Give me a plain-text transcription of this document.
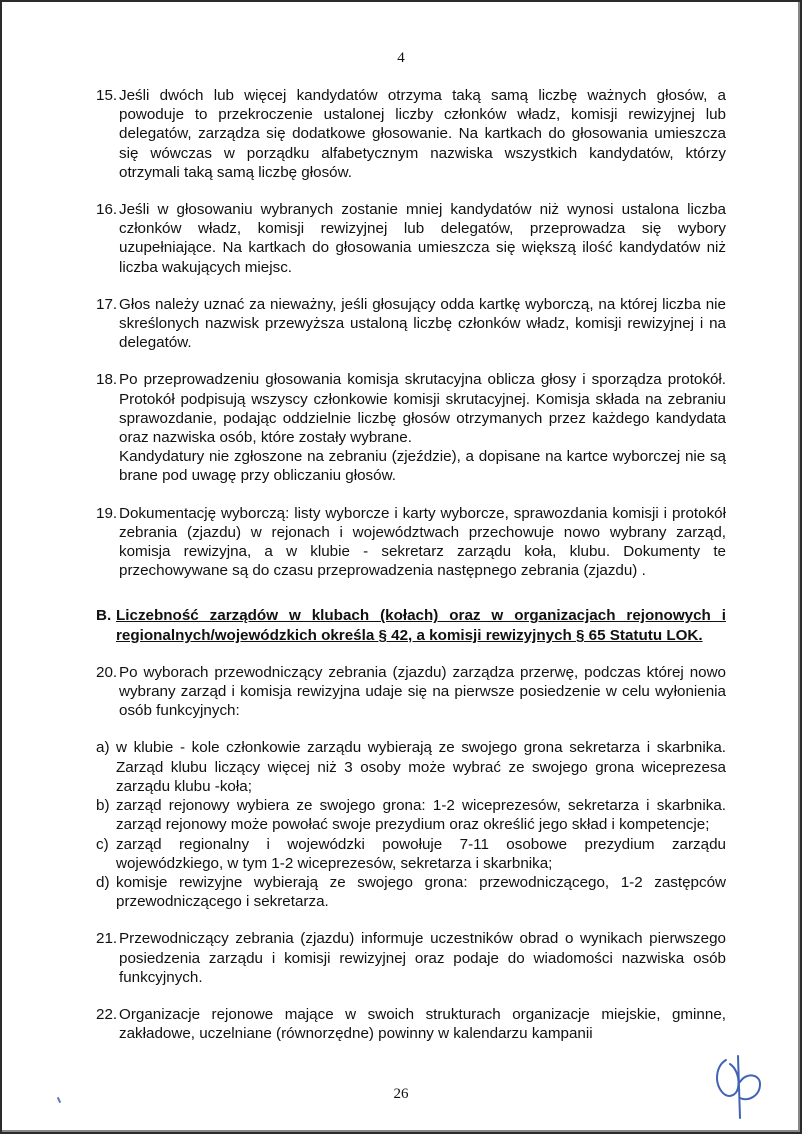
4
15. Jeśli dwóch lub więcej kandydatów otrzyma taką samą liczbę ważnych głosów, a powoduje to przekroczenie ustalonej liczby członków władz, komisji rewizyjnej lub delegatów, zarządza się dodatkowe głosowanie. Na kartkach do głosowania umieszcza się wówczas w porządku alfabetycznym nazwiska wszystkich kandydatów, którzy otrzymali taką samą liczbę głosów.

16. Jeśli w głosowaniu wybranych zostanie mniej kandydatów niż wynosi ustalona liczba członków władz, komisji rewizyjnej lub delegatów, przeprowadza się wybory uzupełniające. Na kartkach do głosowania umieszcza się większą ilość kandydatów niż liczba wakujących miejsc.

17. Głos należy uznać za nieważny, jeśli głosujący odda kartkę wyborczą, na której liczba nie skreślonych nazwisk przewyższa ustaloną liczbę członków władz, komisji rewizyjnej i na delegatów.

18. Po przeprowadzeniu głosowania komisja skrutacyjna oblicza głosy i sporządza protokół. Protokół podpisują wszyscy członkowie komisji skrutacyjnej. Komisja składa na zebraniu sprawozdanie, podając oddzielnie liczbę głosów otrzymanych przez każdego kandydata oraz nazwiska osób, które zostały wybrane.

Kandydatury nie zgłoszone na zebraniu (zjeździe), a dopisane na kartce wyborczej nie są brane pod uwagę przy obliczaniu głosów.

19. Dokumentację wyborczą: listy wyborcze i karty wyborcze, sprawozdania komisji i protokół zebrania (zjazdu) w rejonach i województwach przechowuje nowo wybrany zarząd, komisja rewizyjna, a w klubie - sekretarz zarządu koła, klubu. Dokumenty te przechowywane są do czasu przeprowadzenia następnego zebrania (zjazdu) .

B. Liczebność zarządów w klubach (kołach) oraz w organizacjach rejonowych i regionalnych/wojewódzkich określa § 42, a komisji rewizyjnych § 65 Statutu LOK.
20. Po wyborach przewodniczący zebrania (zjazdu) zarządza przerwę, podczas której nowo wybrany zarząd i komisja rewizyjna udaje się na pierwsze posiedzenie w celu wyłonienia osób funkcyjnych:

a) w klubie - kole członkowie zarządu wybierają ze swojego grona sekretarza i skarbnika. Zarząd klubu liczący więcej niż 3 osoby może wybrać ze swojego grona wiceprezesa zarządu klubu -koła;
b) zarząd rejonowy wybiera ze swojego grona: 1-2 wiceprezesów, sekretarza i skarbnika. zarząd rejonowy może powołać swoje prezydium oraz określić jego skład i kompetencje;
c) zarząd regionalny i wojewódzki powołuje 7-11 osobowe prezydium zarządu wojewódzkiego, w tym 1-2 wiceprezesów, sekretarza i skarbnika;
d) komisje rewizyjne wybierają ze swojego grona: przewodniczącego, 1-2 zastępców przewodniczącego i sekretarza.
21. Przewodniczący zebrania (zjazdu) informuje uczestników obrad o wynikach pierwszego posiedzenia zarządu i komisji rewizyjnej oraz podaje do wiadomości nazwiska osób funkcyjnych.

22. Organizacje rejonowe mające w swoich strukturach organizacje miejskie, gminne, zakładowe, uczelniane (równorzędne) powinny w kalendarzu kampanii

26
